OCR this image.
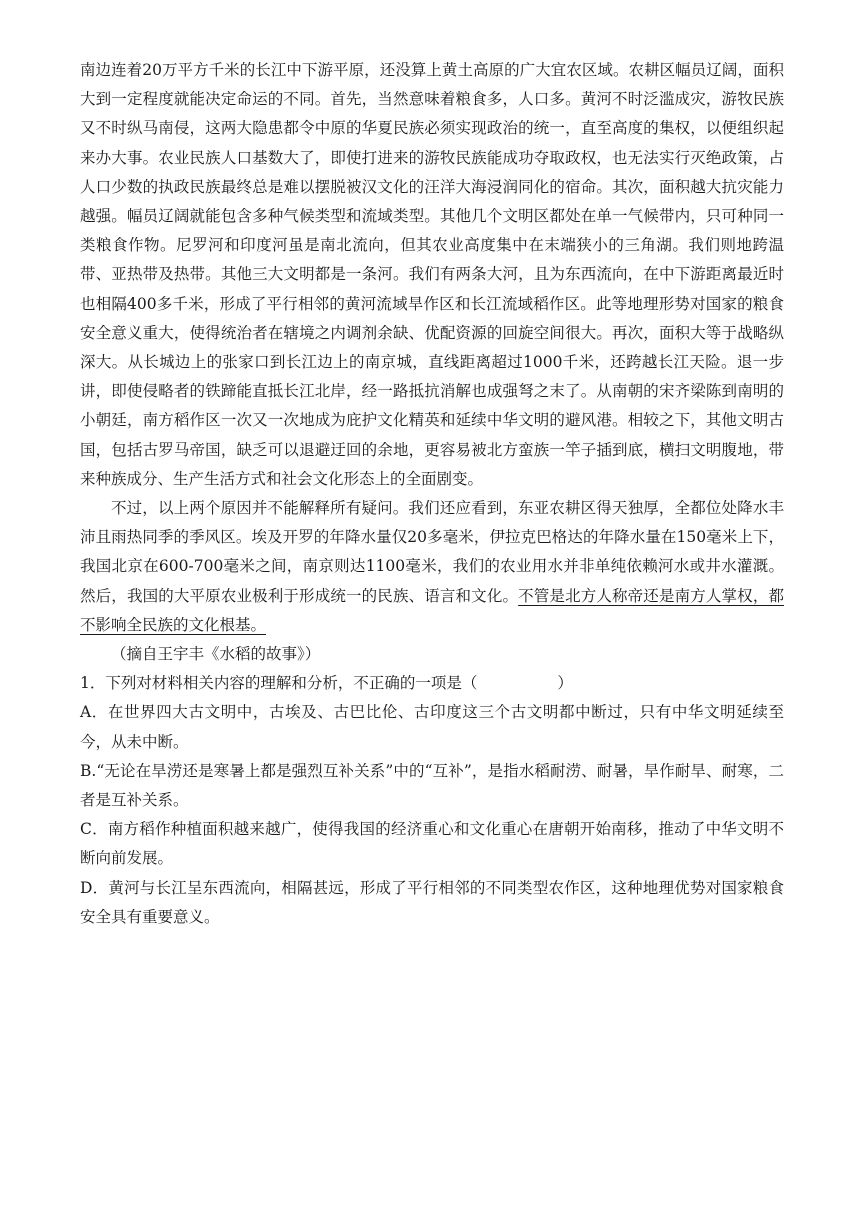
南边连着20万平方千米的长江中下游平原，还没算上黄土高原的广大宜农区域。农耕区幅员辽阔，面积大到一定程度就能决定命运的不同。首先，当然意味着粮食多，人口多。黄河不时泛滥成灾，游牧民族又不时纵马南侵，这两大隐患都令中原的华夏民族必须实现政治的统一，直至高度的集权，以便组织起来办大事。农业民族人口基数大了，即使打进来的游牧民族能成功夺取政权，也无法实行灭绝政策，占人口少数的执政民族最终总是难以摆脱被汉文化的汪洋大海浸润同化的宿命。其次，面积越大抗灾能力越强。幅员辽阔就能包含多种气候类型和流域类型。其他几个文明区都处在单一气候带内，只可种同一类粮食作物。尼罗河和印度河虽是南北流向，但其农业高度集中在末端狭小的三角湖。我们则地跨温带、亚热带及热带。其他三大文明都是一条河。我们有两条大河，且为东西流向，在中下游距离最近时也相隔400多千米，形成了平行相邻的黄河流域旱作区和长江流域稻作区。此等地理形势对国家的粮食安全意义重大，使得统治者在辖境之内调剂余缺、优配资源的回旋空间很大。再次，面积大等于战略纵深大。从长城边上的张家口到长江边上的南京城，直线距离超过1000千米，还跨越长江天险。退一步讲，即使侵略者的铁蹄能直抵长江北岸，经一路抵抗消解也成强弩之末了。从南朝的宋齐梁陈到南明的小朝廷，南方稻作区一次又一次地成为庇护文化精英和延续中华文明的避风港。相较之下，其他文明古国，包括古罗马帝国，缺乏可以退避迂回的余地，更容易被北方蛮族一竿子插到底，横扫文明腹地，带来种族成分、生产生活方式和社会文化形态上的全面剧变。

不过，以上两个原因并不能解释所有疑问。我们还应看到，东亚农耕区得天独厚，全都位处降水丰沛且雨热同季的季风区。埃及开罗的年降水量仅20多毫米，伊拉克巴格达的年降水量在150毫米上下，我国北京在600-700毫米之间，南京则达1100毫米，我们的农业用水并非单纯依赖河水或井水灌溉。然后，我国的大平原农业极利于形成统一的民族、语言和文化。不管是北方人称帝还是南方人掌权，都不影响全民族的文化根基。

（摘自王宇丰《水稻的故事》）

1．下列对材料相关内容的理解和分析，不正确的一项是（	）

A．在世界四大古文明中，古埃及、古巴比伦、古印度这三个古文明都中断过，只有中华文明延续至今，从未中断。

B.“无论在旱涝还是寒暑上都是强烈互补关系”中的“互补”，是指水稻耐涝、耐暑，旱作耐旱、耐寒，二者是互补关系。

C．南方稻作种植面积越来越广，使得我国的经济重心和文化重心在唐朝开始南移，推动了中华文明不断向前发展。

D．黄河与长江呈东西流向，相隔甚远，形成了平行相邻的不同类型农作区，这种地理优势对国家粮食安全具有重要意义。
